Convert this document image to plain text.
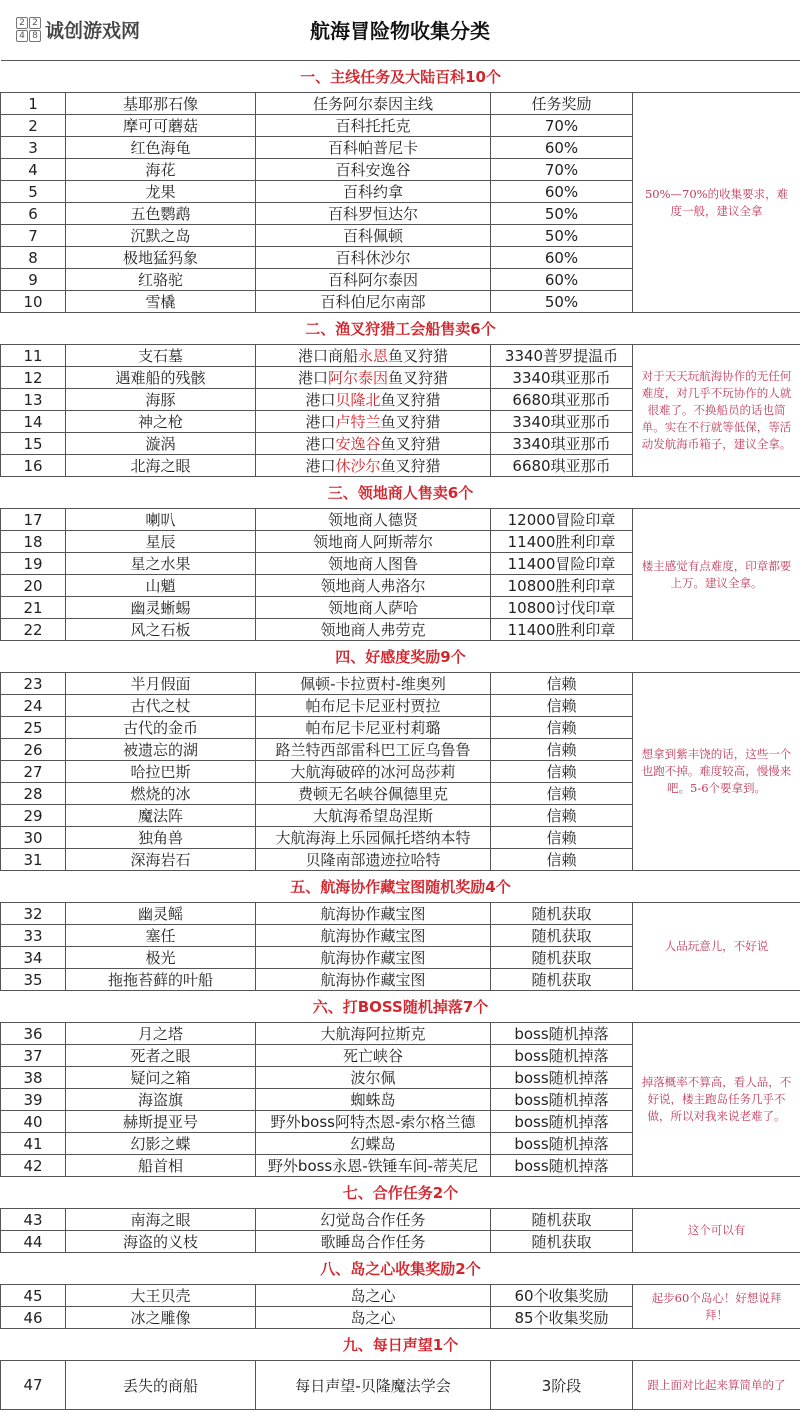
航海冒险物收集分类
一、主线任务及大陆百科10个				
1	基耶那石像	任务阿尔泰因主线	任务奖励	50%—70%的收集要求，难度一般，建议全拿
2	摩可可蘑菇	百科托托克	70%	
3	红色海龟	百科帕普尼卡	60%	
4	海花	百科安逸谷	70%	
5	龙果	百科约拿	60%	
6	五色鹦鹉	百科罗恒达尔	50%	
7	沉默之岛	百科佩顿	50%	
8	极地猛犸象	百科休沙尔	60%	
9	红骆驼	百科阿尔泰因	60%	
10	雪橇	百科伯尼尔南部	50%	
二、渔叉狩猎工会船售卖6个				
11	支石墓	港口商船永恩鱼叉狩猎	3340普罗提温币	对于天天玩航海协作的无任何难度，对几乎不玩协作的人就很难了。不换船员的话也简单。实在不行就等低保，等活动发航海币箱子，建议全拿。
12	遇难船的残骸	港口阿尔泰因鱼叉狩猎	3340琪亚那币	
13	海豚	港口贝隆北鱼叉狩猎	6680琪亚那币	
14	神之枪	港口卢特兰鱼叉狩猎	3340琪亚那币	
15	漩涡	港口安逸谷鱼叉狩猎	3340琪亚那币	
16	北海之眼	港口休沙尔鱼叉狩猎	6680琪亚那币	
三、领地商人售卖6个				
17	喇叭	领地商人德贤	12000冒险印章	楼主感觉有点难度，印章都要上万。建议全拿。
18	星辰	领地商人阿斯蒂尔	11400胜利印章	
19	星之水果	领地商人图鲁	11400冒险印章	
20	山魈	领地商人弗洛尔	10800胜利印章	
21	幽灵蜥蜴	领地商人萨哈	10800讨伐印章	
22	风之石板	领地商人弗劳克	11400胜利印章	
四、好感度奖励9个				
23	半月假面	佩顿-卡拉贾村-维奥列	信赖	想拿到紫丰饶的话，这些一个也跑不掉。难度较高，慢慢来吧。5-6个要拿到。
24	古代之杖	帕布尼卡尼亚村贾拉	信赖	
25	古代的金币	帕布尼卡尼亚村莉璐	信赖	
26	被遗忘的湖	路兰特西部雷科巴工匠乌鲁鲁	信赖	
27	哈拉巴斯	大航海破碎的冰河岛莎莉	信赖	
28	燃烧的冰	费顿无名峡谷佩德里克	信赖	
29	魔法阵	大航海希望岛涅斯	信赖	
30	独角兽	大航海海上乐园佩托塔纳本特	信赖	
31	深海岩石	贝隆南部遗迹拉哈特	信赖	
五、航海协作藏宝图随机奖励4个				
32	幽灵鳐	航海协作藏宝图	随机获取	人品玩意儿，不好说
33	塞任	航海协作藏宝图	随机获取	
34	极光	航海协作藏宝图	随机获取	
35	拖拖苔藓的叶船	航海协作藏宝图	随机获取	
六、打BOSS随机掉落7个				
36	月之塔	大航海阿拉斯克	boss随机掉落	掉落概率不算高，看人品，不好说，楼主跑岛任务几乎不做，所以对我来说老难了。
37	死者之眼	死亡峡谷	boss随机掉落	
38	疑问之箱	波尔佩	boss随机掉落	
39	海盗旗	蜘蛛岛	boss随机掉落	
40	赫斯提亚号	野外boss阿特杰恩-索尔格兰德	boss随机掉落	
41	幻影之蝶	幻蝶岛	boss随机掉落	
42	船首相	野外boss永恩-铁锤车间-蒂芙尼	boss随机掉落	
七、合作任务2个				
43	南海之眼	幻觉岛合作任务	随机获取	这个可以有
44	海盗的义枝	歌睡岛合作任务	随机获取	
八、岛之心收集奖励2个				
45	大王贝壳	岛之心	60个收集奖励	起步60个岛心！好想说拜拜！
46	冰之雕像	岛之心	85个收集奖励	
九、每日声望1个				
47	丢失的商船	每日声望-贝隆魔法学会	3阶段	跟上面对比起来算简单的了
2 2
4 8 诚创游戏网
